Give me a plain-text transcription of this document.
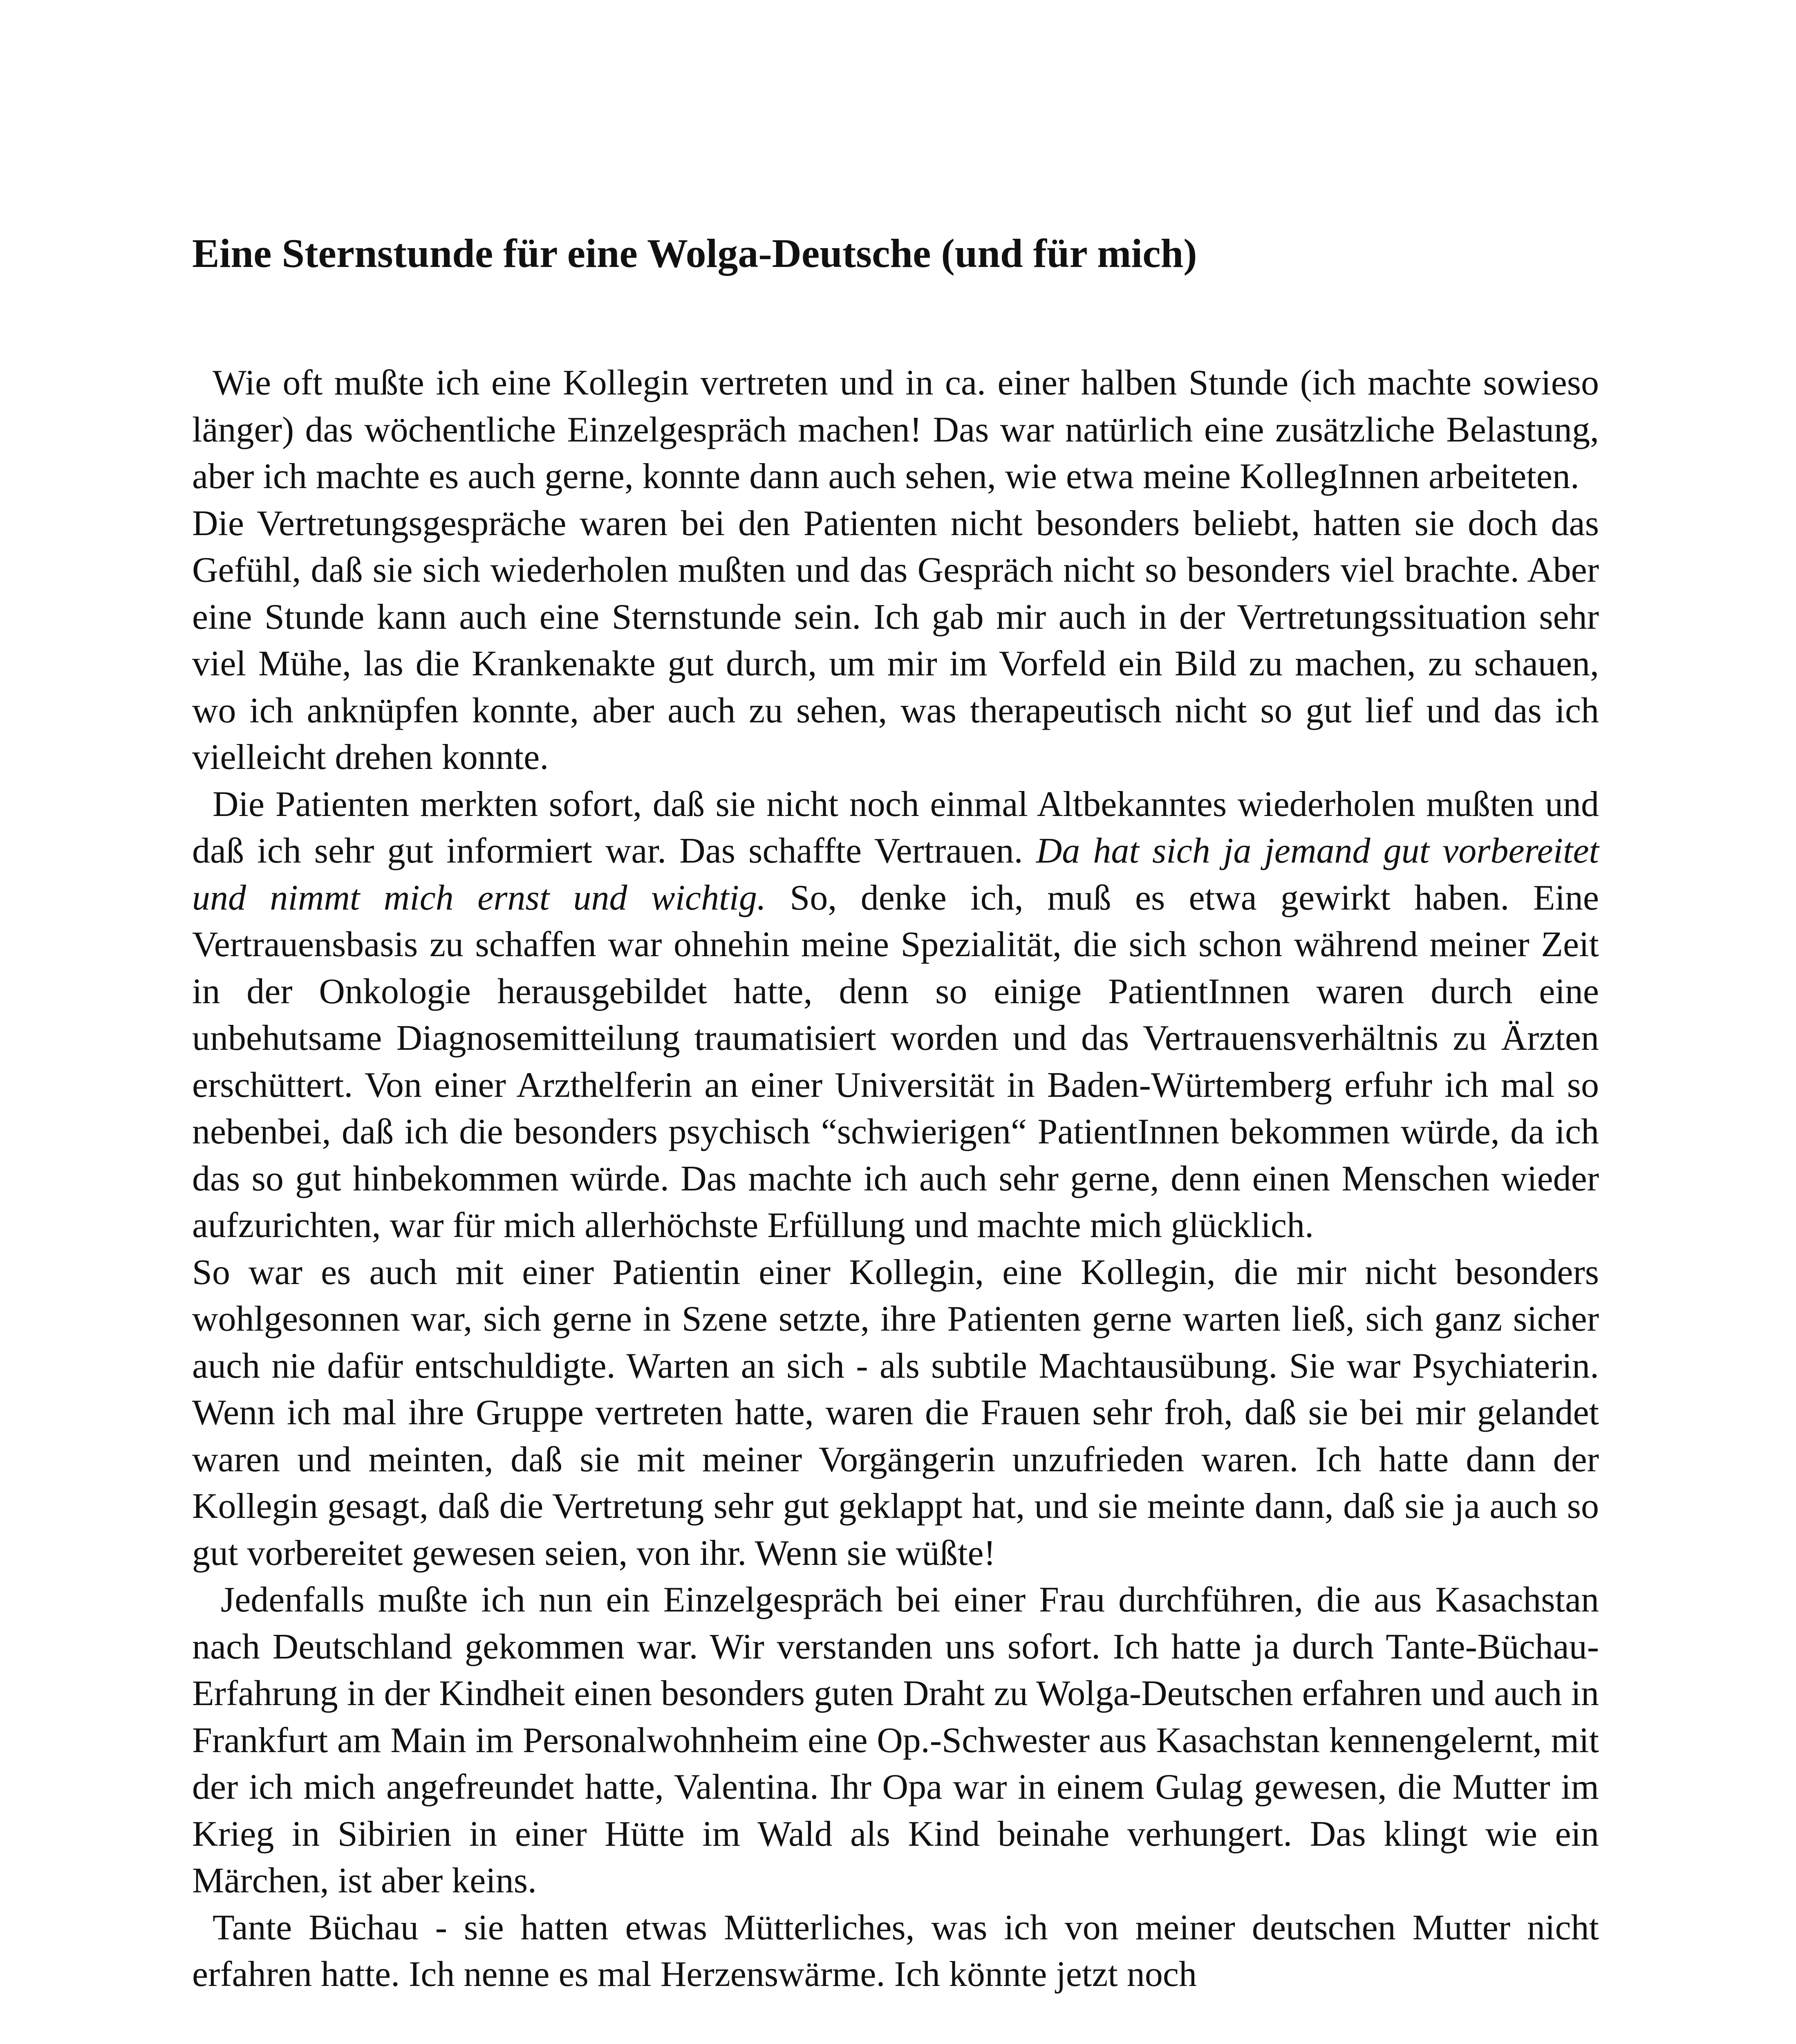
Eine Sternstunde für eine Wolga-Deutsche (und für mich)

Wie oft mußte ich eine Kollegin vertreten und in ca. einer halben Stunde (ich machte sowieso länger) das wöchentliche Einzelgespräch machen! Das war natürlich eine zusätzliche Belastung, aber ich machte es auch gerne, konnte dann auch sehen, wie etwa meine KollegInnen arbeiteten.

Die Vertretungsgespräche waren bei den Patienten nicht besonders beliebt, hatten sie doch das Gefühl, daß sie sich wiederholen mußten und das Gespräch nicht so besonders viel brachte. Aber eine Stunde kann auch eine Sternstunde sein. Ich gab mir auch in der Vertretungssituation sehr viel Mühe, las die Krankenakte gut durch, um mir im Vorfeld ein Bild zu machen, zu schauen, wo ich anknüpfen konnte, aber auch zu sehen, was therapeutisch nicht so gut lief und das ich vielleicht drehen konnte.

Die Patienten merkten sofort, daß sie nicht noch einmal Altbekanntes wiederholen mußten und daß ich sehr gut informiert war. Das schaffte Vertrauen. Da hat sich ja jemand gut vorbereitet und nimmt mich ernst und wichtig. So, denke ich, muß es etwa gewirkt haben. Eine Vertrauensbasis zu schaffen war ohnehin meine Spezialität, die sich schon während meiner Zeit in der Onkologie herausgebildet hatte, denn so einige PatientInnen waren durch eine unbehutsame Diagnosemitteilung traumatisiert worden und das Vertrauensverhältnis zu Ärzten erschüttert. Von einer Arzthelferin an einer Universität in Baden-Würtemberg erfuhr ich mal so nebenbei, daß ich die besonders psychisch “schwierigen“ PatientInnen bekommen würde, da ich das so gut hinbekommen würde. Das machte ich auch sehr gerne, denn einen Menschen wieder aufzurichten, war für mich allerhöchste Erfüllung und machte mich glücklich.

So war es auch mit einer Patientin einer Kollegin, eine Kollegin, die mir nicht besonders wohlgesonnen war, sich gerne in Szene setzte, ihre Patienten gerne warten ließ, sich ganz sicher auch nie dafür entschuldigte. Warten an sich - als subtile Machtausübung. Sie war Psychiaterin. Wenn ich mal ihre Gruppe vertreten hatte, waren die Frauen sehr froh, daß sie bei mir gelandet waren und meinten, daß sie mit meiner Vorgängerin unzufrieden waren. Ich hatte dann der Kollegin gesagt, daß die Vertretung sehr gut geklappt hat, und sie meinte dann, daß sie ja auch so gut vorbereitet gewesen seien, von ihr. Wenn sie wüßte!

Jedenfalls mußte ich nun ein Einzelgespräch bei einer Frau durchführen, die aus Kasachstan nach Deutschland gekommen war. Wir verstanden uns sofort. Ich hatte ja durch Tante-Büchau-Erfahrung in der Kindheit einen besonders guten Draht zu Wolga-Deutschen erfahren und auch in Frankfurt am Main im Personalwohnheim eine Op.-Schwester aus Kasachstan kennengelernt, mit der ich mich angefreundet hatte, Valentina. Ihr Opa war in einem Gulag gewesen, die Mutter im Krieg in Sibirien in einer Hütte im Wald als Kind beinahe verhungert. Das klingt wie ein Märchen, ist aber keins.

Tante Büchau - sie hatten etwas Mütterliches, was ich von meiner deutschen Mutter nicht erfahren hatte. Ich nenne es mal Herzenswärme. Ich könnte jetzt noch
